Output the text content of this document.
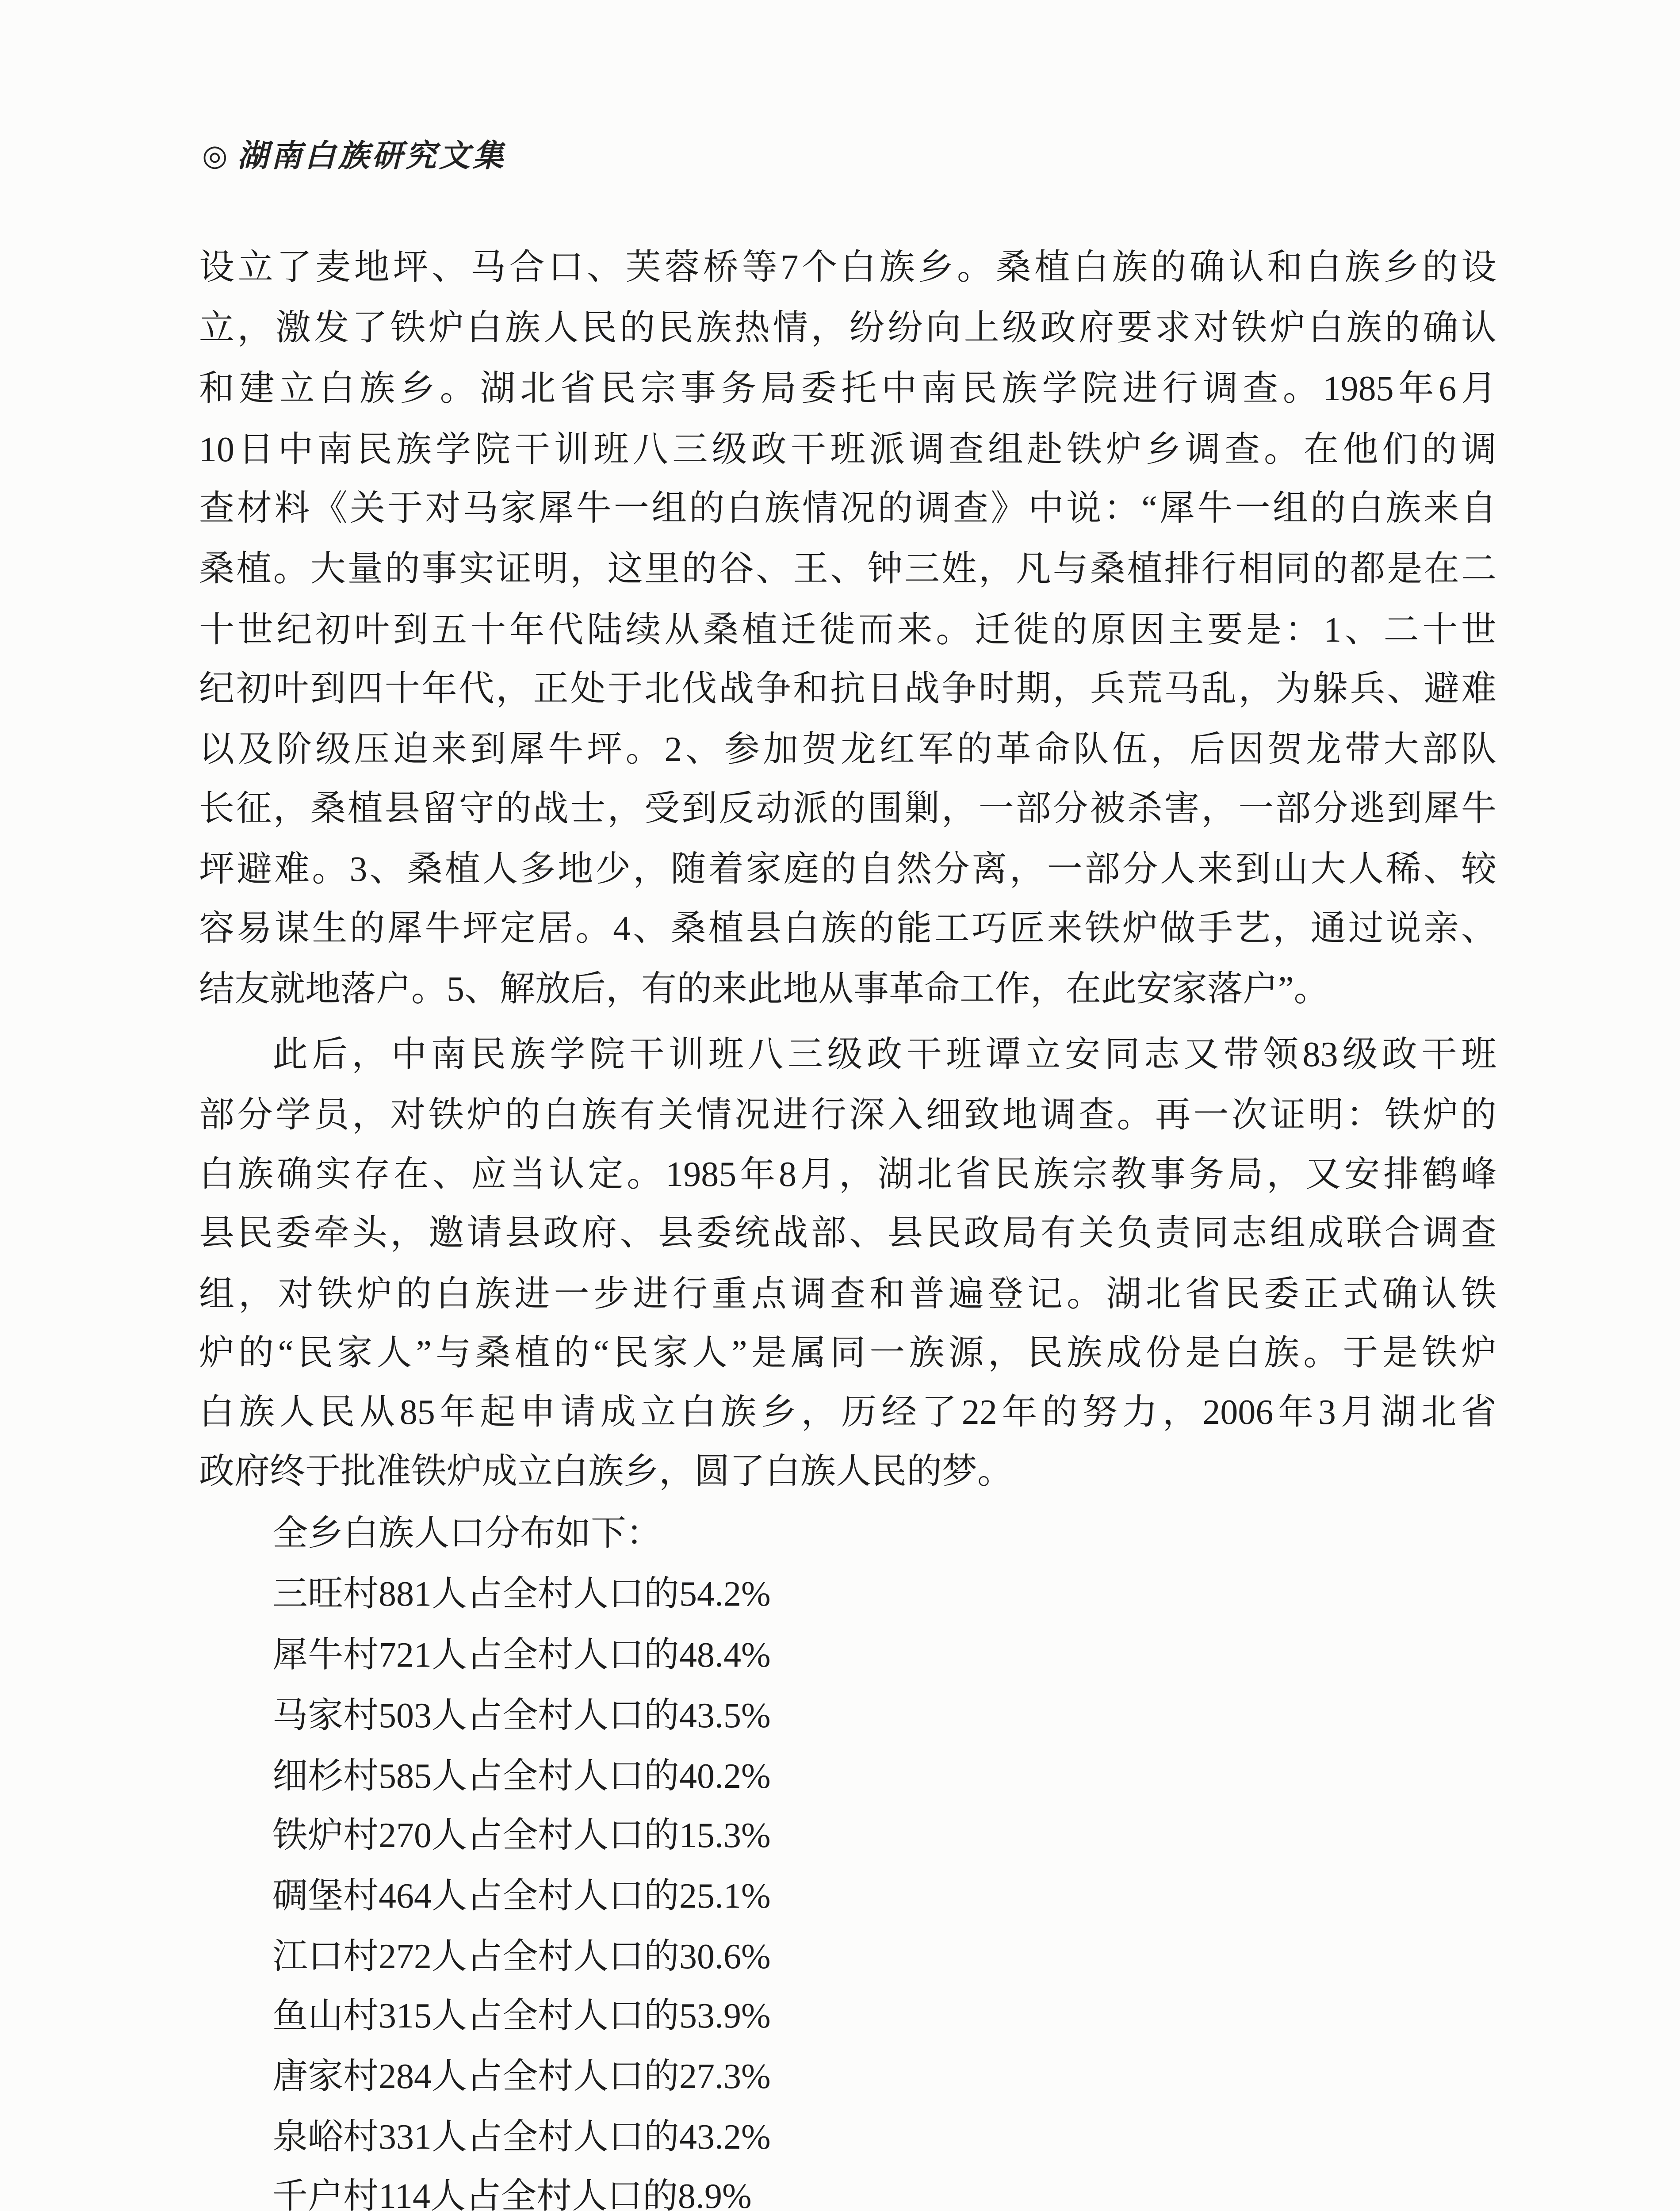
◎ 湖南白族研究文集
设立了麦地坪、马合口、芙蓉桥等7个白族乡。桑植白族的确认和白族乡的设
立，激发了铁炉白族人民的民族热情，纷纷向上级政府要求对铁炉白族的确认
和建立白族乡。湖北省民宗事务局委托中南民族学院进行调查。1985年6月
10日中南民族学院干训班八三级政干班派调查组赴铁炉乡调查。在他们的调
查材料《关于对马家犀牛一组的白族情况的调查》中说：“犀牛一组的白族来自
桑植。大量的事实证明，这里的谷、王、钟三姓，凡与桑植排行相同的都是在二
十世纪初叶到五十年代陆续从桑植迁徙而来。迁徙的原因主要是：1、二十世
纪初叶到四十年代，正处于北伐战争和抗日战争时期，兵荒马乱，为躲兵、避难
以及阶级压迫来到犀牛坪。2、参加贺龙红军的革命队伍，后因贺龙带大部队
长征，桑植县留守的战士，受到反动派的围剿，一部分被杀害，一部分逃到犀牛
坪避难。3、桑植人多地少，随着家庭的自然分离，一部分人来到山大人稀、较
容易谋生的犀牛坪定居。4、桑植县白族的能工巧匠来铁炉做手艺，通过说亲、
结友就地落户。5、解放后，有的来此地从事革命工作，在此安家落户”。
此后，中南民族学院干训班八三级政干班谭立安同志又带领83级政干班
部分学员，对铁炉的白族有关情况进行深入细致地调查。再一次证明：铁炉的
白族确实存在、应当认定。1985年8月，湖北省民族宗教事务局，又安排鹤峰
县民委牵头，邀请县政府、县委统战部、县民政局有关负责同志组成联合调查
组，对铁炉的白族进一步进行重点调查和普遍登记。湖北省民委正式确认铁
炉的“民家人”与桑植的“民家人”是属同一族源，民族成份是白族。于是铁炉
白族人民从85年起申请成立白族乡，历经了22年的努力，2006年3月湖北省
政府终于批准铁炉成立白族乡，圆了白族人民的梦。
全乡白族人口分布如下：
三旺村881人占全村人口的54.2%
犀牛村721人占全村人口的48.4%
马家村503人占全村人口的43.5%
细杉村585人占全村人口的40.2%
铁炉村270人占全村人口的15.3%
碉堡村464人占全村人口的25.1%
江口村272人占全村人口的30.6%
鱼山村315人占全村人口的53.9%
唐家村284人占全村人口的27.3%
泉峪村331人占全村人口的43.2%
千户村114人占全村人口的8.9%
